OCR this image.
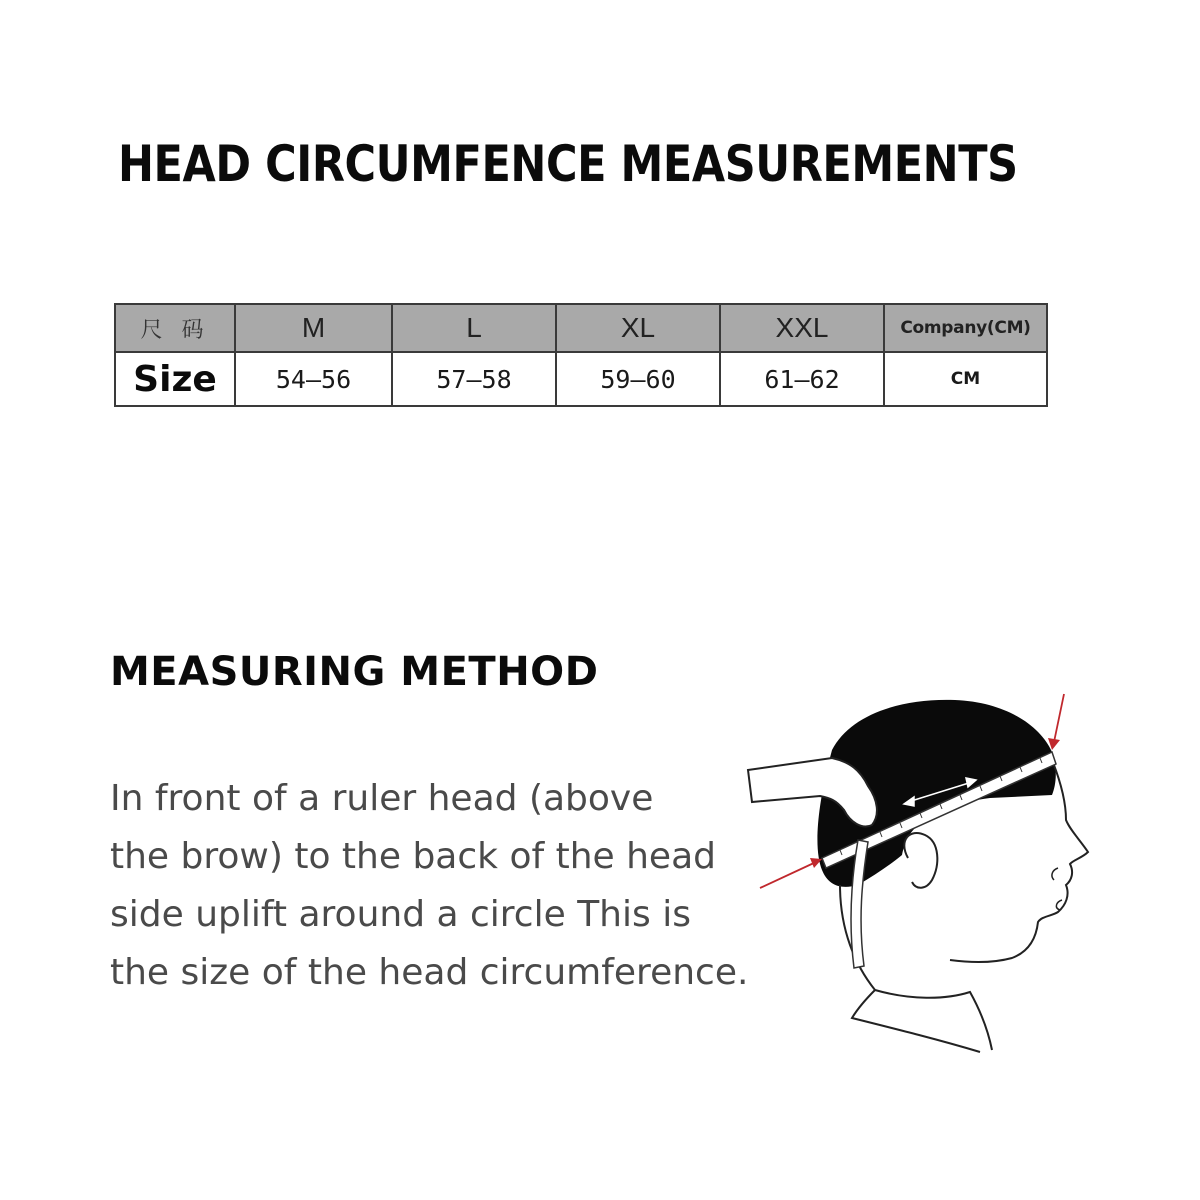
HEAD CIRCUMFENCE MEASUREMENTS
尺 码	M	L	XL	XXL	Company(CM)
Size	54—56	57—58	59—60	61—62	CM
MEASURING METHOD
In front of a ruler head (above
the brow) to the back of the head
side uplift around a circle This is
the size of the head circumference.
